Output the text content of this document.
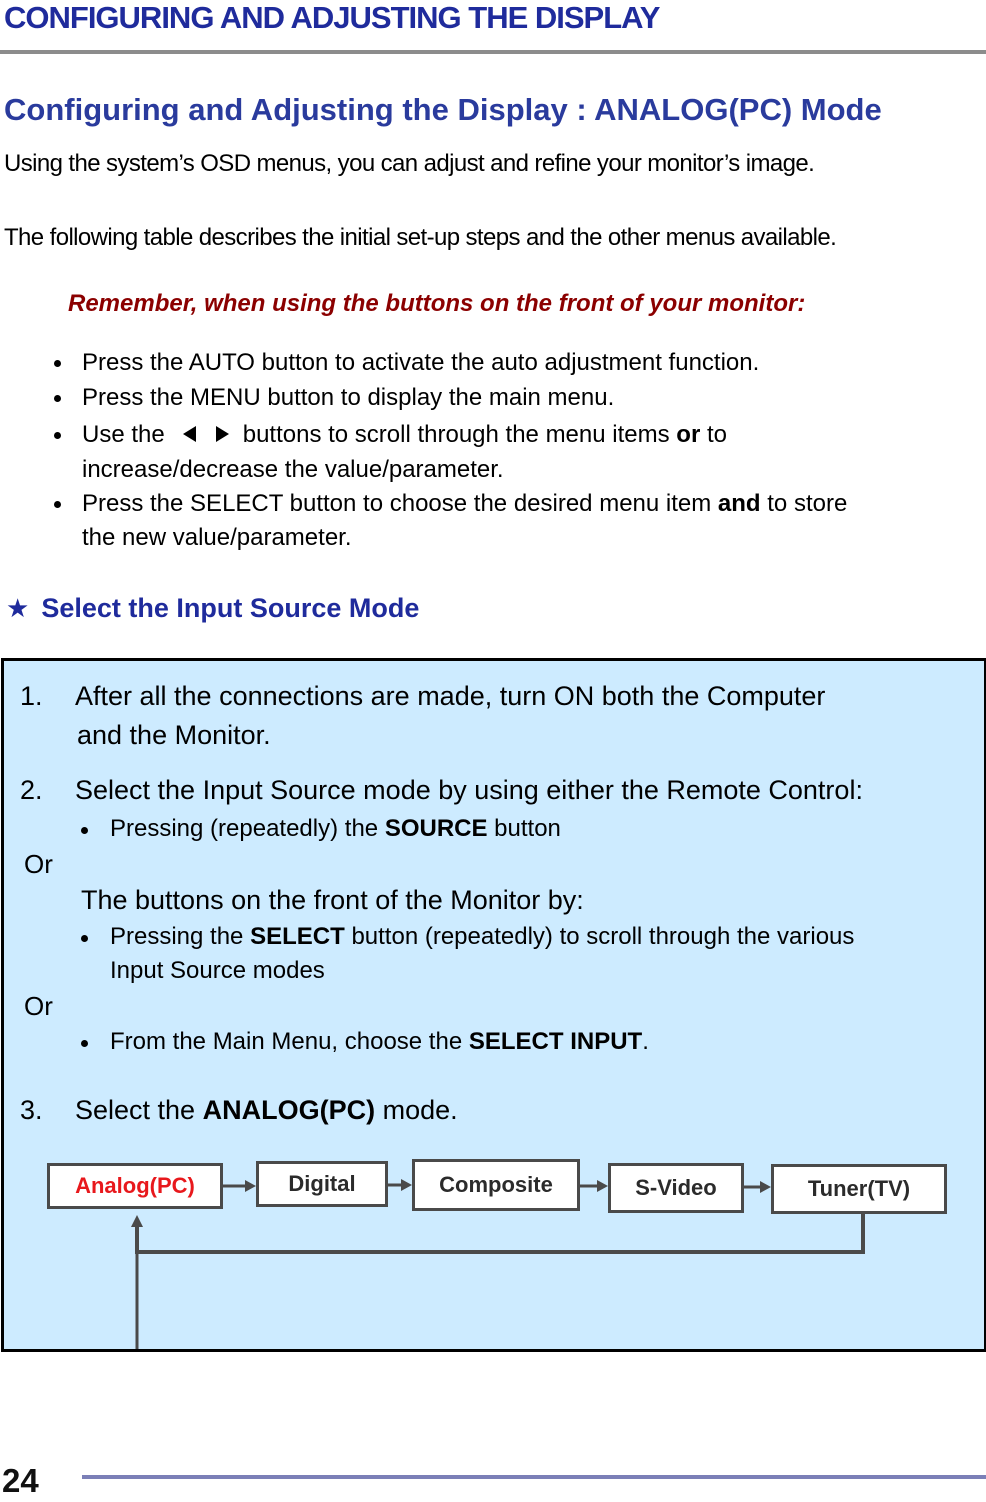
CONFIGURING AND ADJUSTING THE DISPLAY
Configuring and Adjusting the Display : ANALOG(PC) Mode
Using the system’s OSD menus, you can adjust and refine your monitor’s image.
The following table describes the initial set-up steps and the other menus available.
Remember, when using the buttons on the front of your monitor:
Press the AUTO button to activate the auto adjustment function.
Press the MENU button to display the main menu.
Use the	buttons to scroll through the menu items or to
increase/decrease the value/parameter.
Press the SELECT button to choose the desired menu item and to store
the new value/parameter.
★ Select the Input Source Mode
1. After all the connections are made, turn ON both the Computer
and the Monitor.
2. Select the Input Source mode by using either the Remote Control:
Pressing (repeatedly) the SOURCE button
Or
The buttons on the front of the Monitor by:
Pressing the SELECT button (repeatedly) to scroll through the various
Input Source modes
Or
From the Main Menu, choose the SELECT INPUT.
3. Select the ANALOG(PC) mode.
Analog(PC)	Digital	Composite	S-Video	Tuner(TV)
24
